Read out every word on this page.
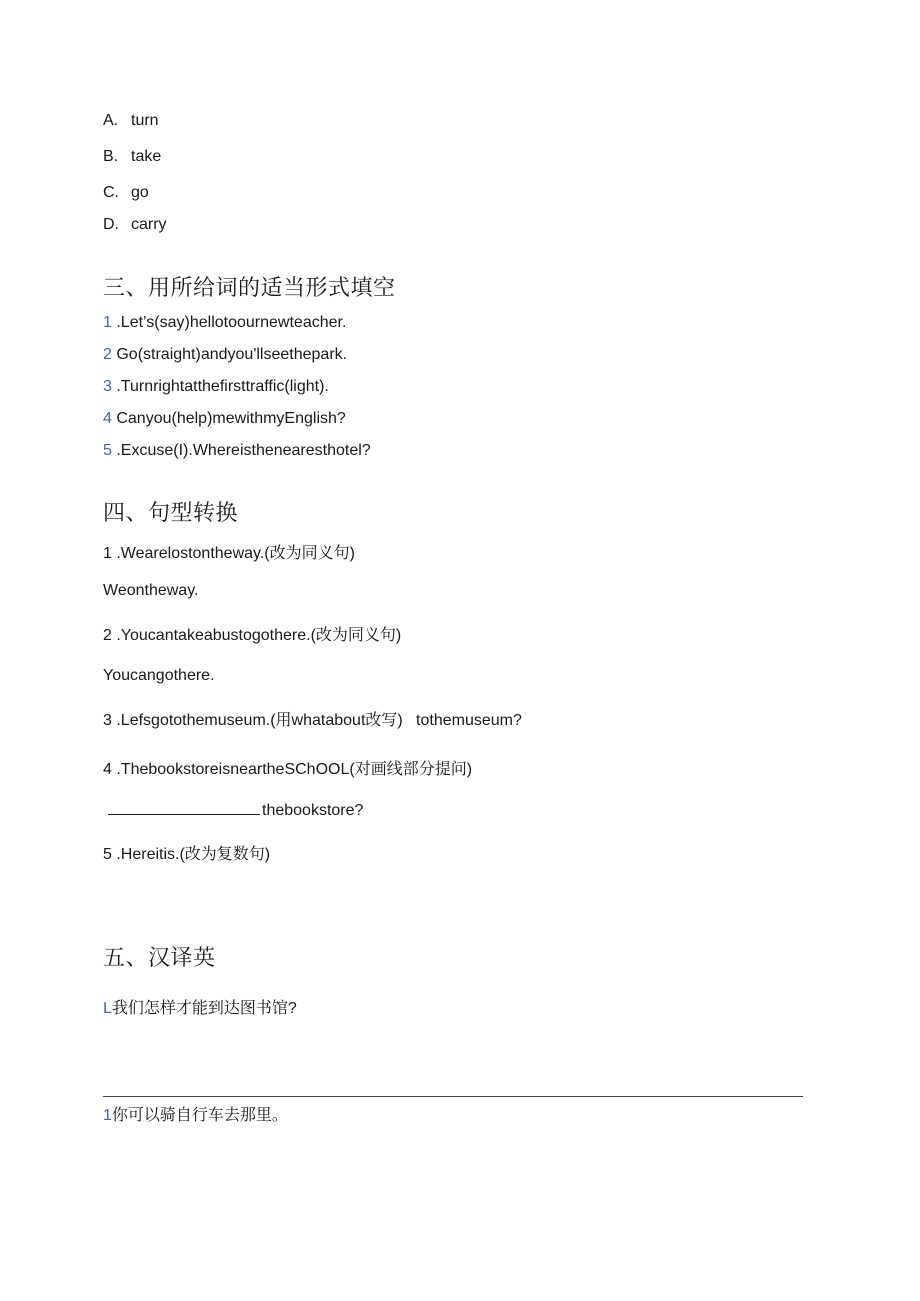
A. turn
B. take
C. go
D. carry
三、用所给词的适当形式填空
1 .Let’s(say)hellotoournewteacher.
2 Go(straight)andyou'llseethepark.
3 .Turnrightatthefirsttraffic(light).
4 Canyou(help)mewithmyEnglish?
5 .Excuse(I).Whereisthenearesthotel?
四、句型转换
1 .Wearelostontheway.(改为同义句)
Weontheway.
2 .Youcantakeabustogothere.(改为同义句)
Youcangothere.
3 .Lefsgotothemuseum.(用whatabout改写)   tothemuseum?
4 .ThebookstoreisneartheSChOOL(对画线部分提问)
thebookstore?
5 .Hereitis.(改为复数句)
五、汉译英
L我们怎样才能到达图书馆?
1你可以骑自行车去那里。
